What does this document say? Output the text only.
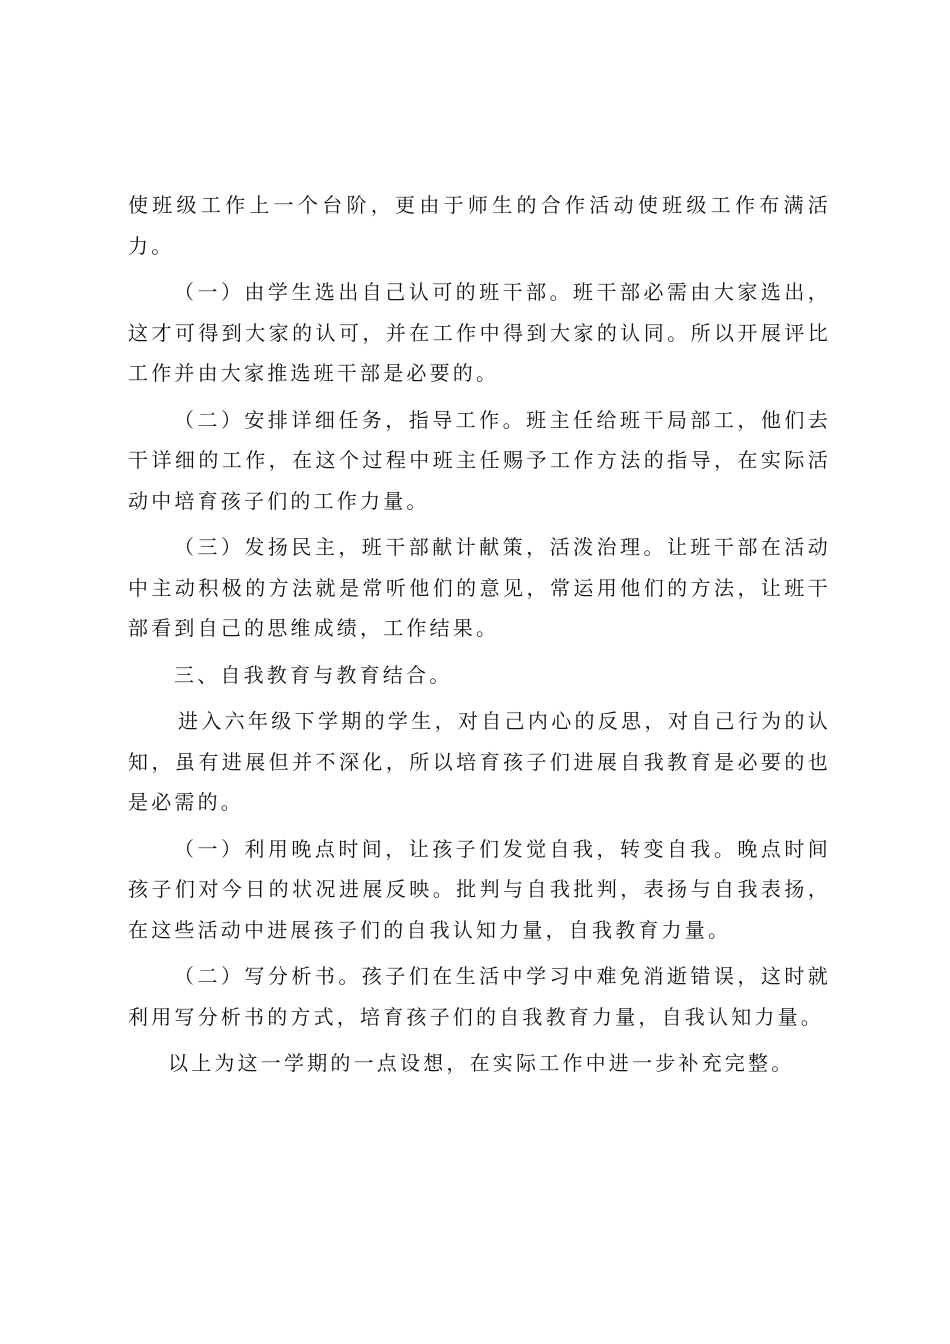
使班级工作上一个台阶，更由于师生的合作活动使班级工作布满活力。

（一）由学生选出自己认可的班干部。班干部必需由大家选出，这才可得到大家的认可，并在工作中得到大家的认同。所以开展评比工作并由大家推选班干部是必要的。

（二）安排详细任务，指导工作。班主任给班干局部工，他们去干详细的工作，在这个过程中班主任赐予工作方法的指导，在实际活动中培育孩子们的工作力量。

（三）发扬民主，班干部献计献策，活泼治理。让班干部在活动中主动积极的方法就是常听他们的意见，常运用他们的方法，让班干部看到自己的思维成绩，工作结果。

三、自我教育与教育结合。

进入六年级下学期的学生，对自己内心的反思，对自己行为的认知，虽有进展但并不深化，所以培育孩子们进展自我教育是必要的也是必需的。

（一）利用晚点时间，让孩子们发觉自我，转变自我。晚点时间孩子们对今日的状况进展反映。批判与自我批判，表扬与自我表扬，在这些活动中进展孩子们的自我认知力量，自我教育力量。

（二）写分析书。孩子们在生活中学习中难免消逝错误，这时就利用写分析书的方式，培育孩子们的自我教育力量，自我认知力量。

以上为这一学期的一点设想，在实际工作中进一步补充完整。
